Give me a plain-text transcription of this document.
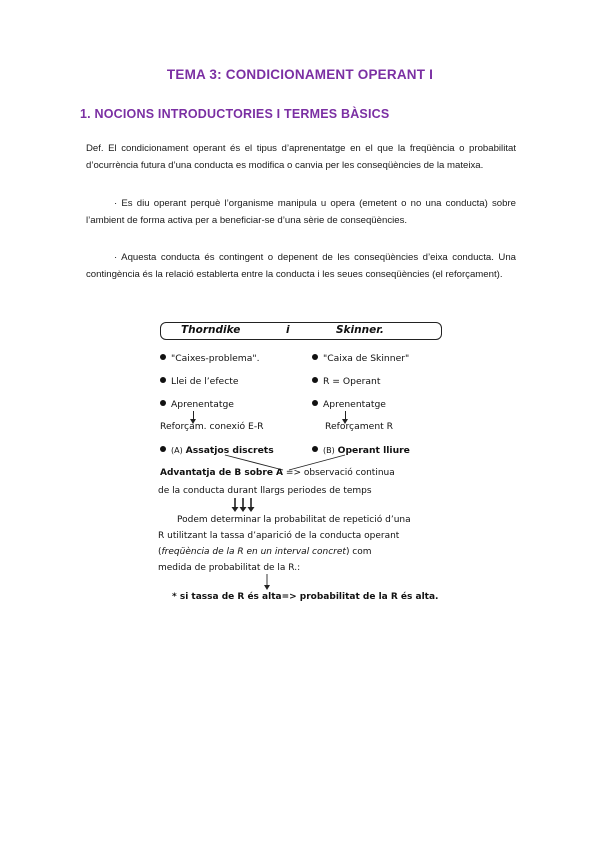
TEMA 3: CONDICIONAMENT OPERANT I
1. NOCIONS INTRODUCTORIES I TERMES BÀSICS

Def. El condicionament operant és el tipus d’aprenentatge en el que la freqüència o probabilitat d’ocurrència futura d’una conducta es modifica o canvia per les conseqüències de la mateixa.

· Es diu operant perquè l’organisme manipula u opera (emetent o no una conducta) sobre l’ambient de forma activa per a beneficiar-se d’una sèrie de conseqüències.

· Aquesta conducta és contingent o depenent de les conseqüències d’eixa conducta. Una contingència és la relació establerta entre la conducta i les seues conseqüències (el reforçament).

Thorndike	i	Skinner.
"Caixes-problema".
Llei de l’efecte
Aprenentatge
Reforçam. conexió E-R
"Caixa de Skinner"
R = Operant
Aprenentatge
Reforçament R
(A) Assatjos discrets	(B) Operant lliure
Advantatja de B sobre A => observació continua
de la conducta durant llargs periodes de temps
Podem determinar la probabilitat de repetició d’una
R utilitzant la tassa d’aparició de la conducta operant
(freqüència de la R en un interval concret) com
medida de probabilitat de la R.:
* si tassa de R és alta=> probabilitat de la R és alta.
